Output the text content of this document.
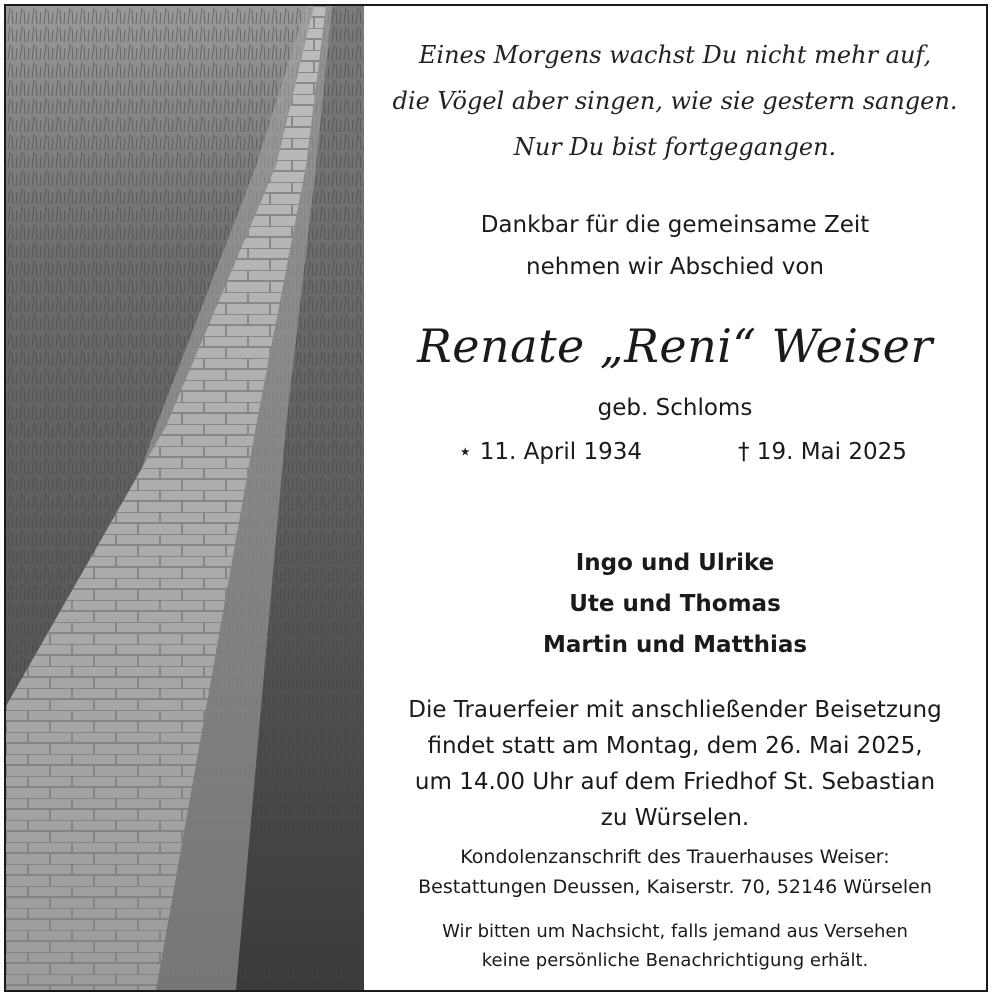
Eines Morgens wachst Du nicht mehr auf,
die Vögel aber singen, wie sie gestern sangen.
Nur Du bist fortgegangen.
Dankbar für die gemeinsame Zeit
nehmen wir Abschied von
Renate „Reni“ Weiser
geb. Schloms
⋆ 11. April 1934	† 19. Mai 2025
Ingo und Ulrike
Ute und Thomas
Martin und Matthias
Die Trauerfeier mit anschließender Beisetzung
findet statt am Montag, dem 26. Mai 2025,
um 14.00 Uhr auf dem Friedhof St. Sebastian
zu Würselen.
Kondolenzanschrift des Trauerhauses Weiser:
Bestattungen Deussen, Kaiserstr. 70, 52146 Würselen
Wir bitten um Nachsicht, falls jemand aus Versehen
keine persönliche Benachrichtigung erhält.
